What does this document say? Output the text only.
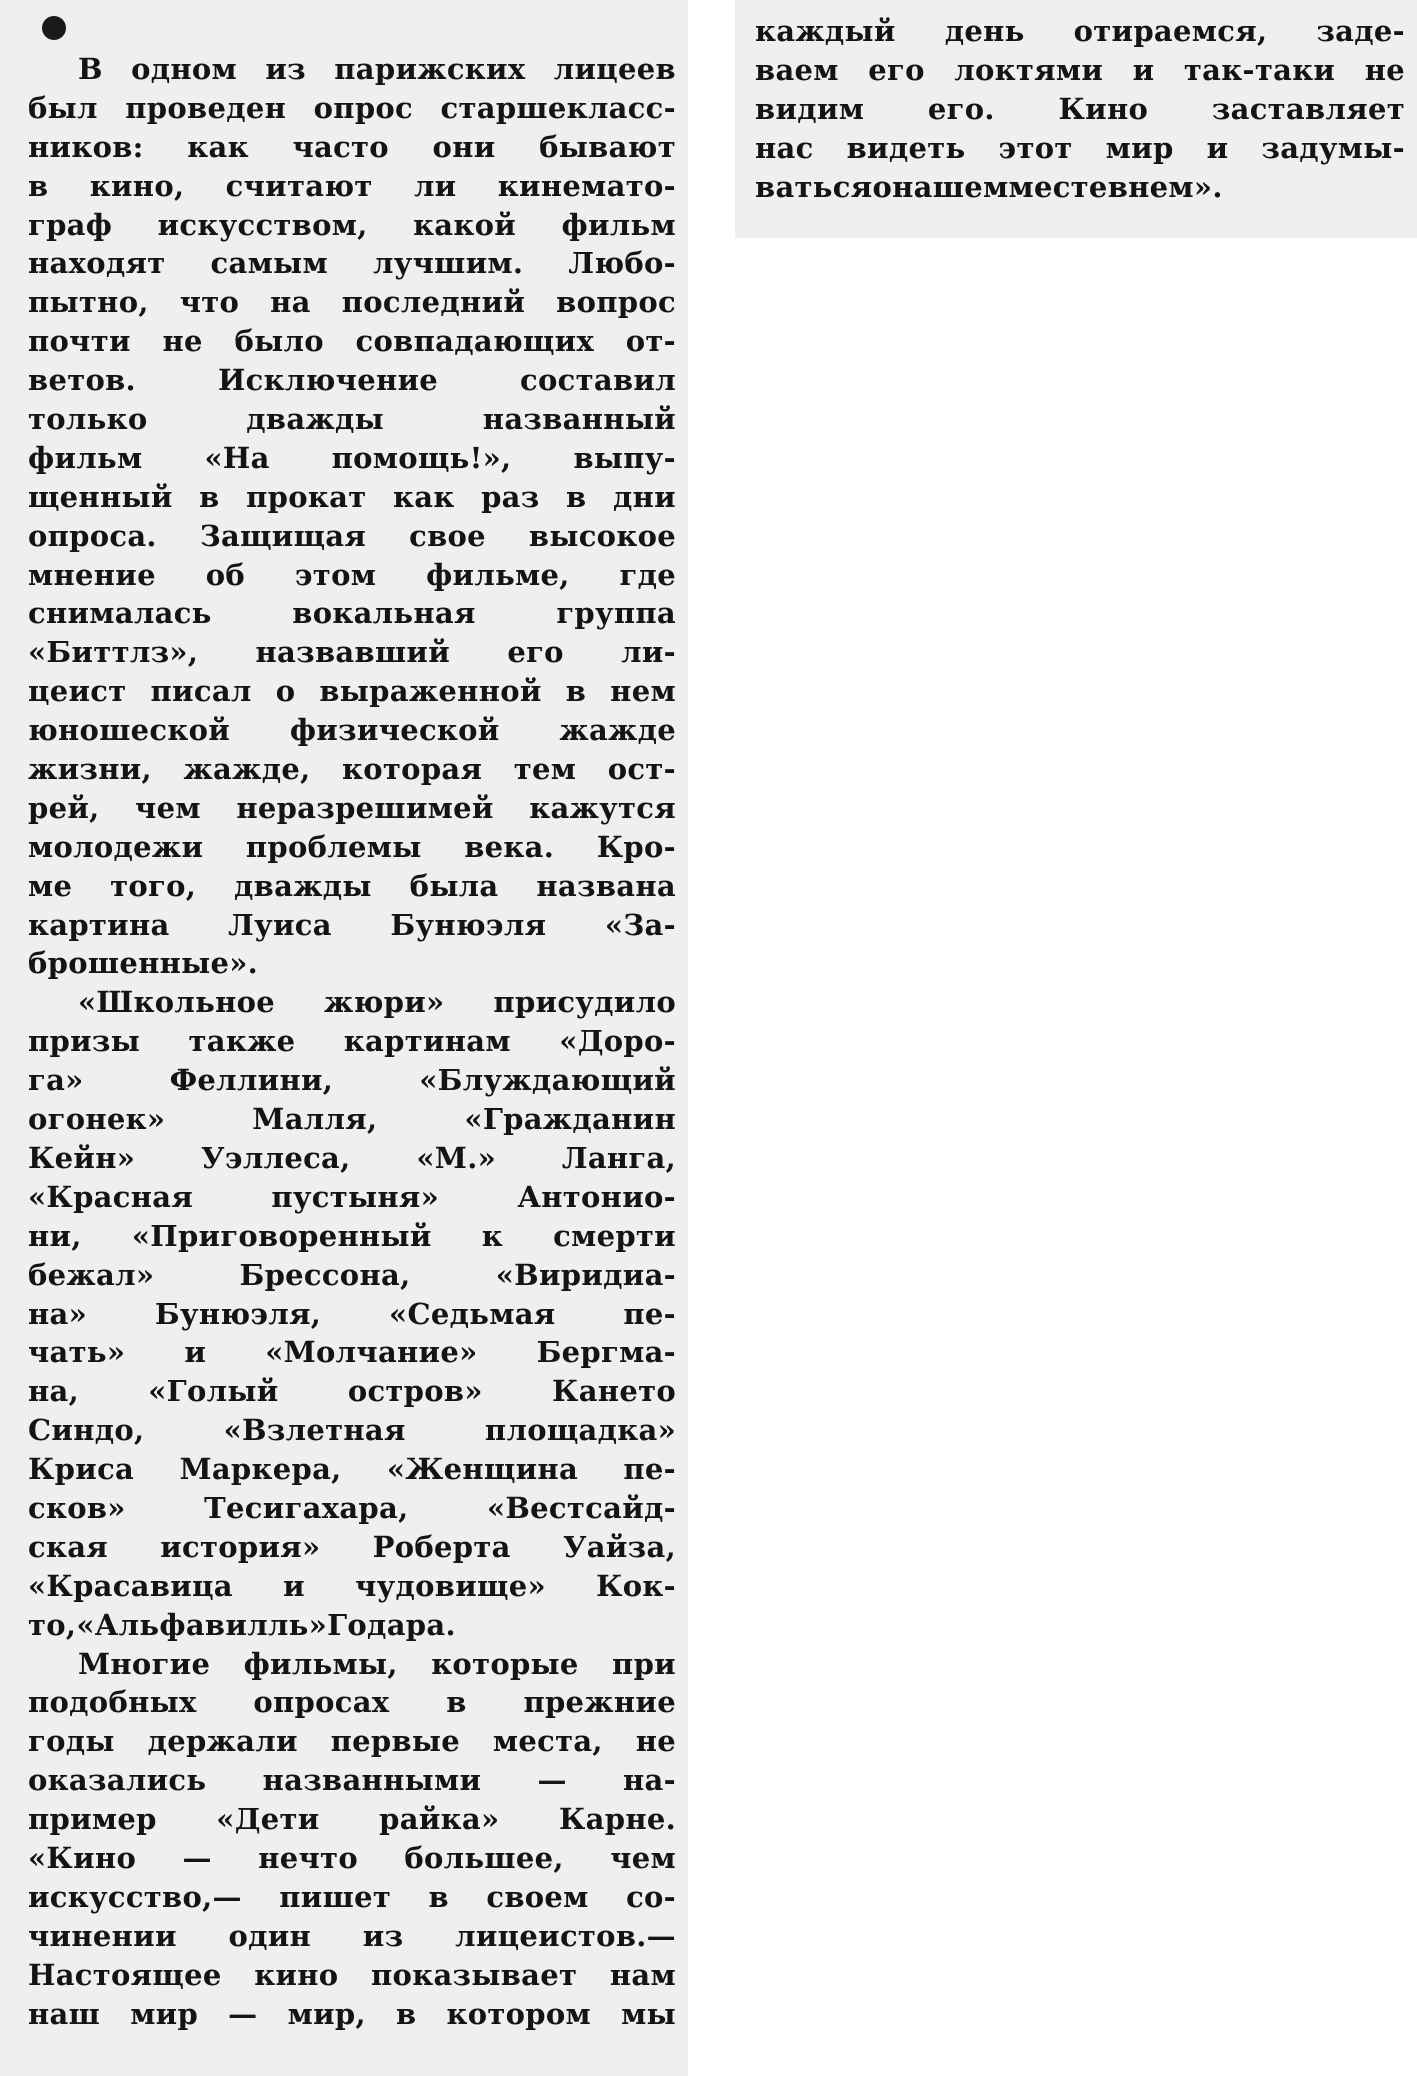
В одном из парижских лицеев
был проведен опрос старшекласс-
ников: как часто они бывают
в кино, считают ли кинемато-
граф искусством, какой фильм
находят самым лучшим. Любо-
пытно, что на последний вопрос
почти не было совпадающих от-
ветов.	Исключение	составил
только	дважды	названный
фильм «На помощь!», выпу-
щенный в прокат как раз в дни
опроса. Защищая свое высокое
мнение об этом фильме, где
снималась	вокальная	группа
«Биттлз», назвавший его ли-
цеист писал о выраженной в нем
юношеской физической жажде
жизни, жажде, которая тем ост-
рей, чем неразрешимей кажутся
молодежи проблемы века. Кро-
ме того, дважды была названа
картина Луиса Бунюэля «За-
брошенные».
«Школьное жюри» присудило
призы также картинам «Доро-
га»	Феллини,	«Блуждающий
огонек»	Малля,	«Гражданин
Кейн» Уэллеса, «М.» Ланга,
«Красная	пустыня»	Антонио-
ни, «Приговоренный к смерти
бежал»	Брессона,	«Виридиа-
на» Бунюэля, «Седьмая пе-
чать» и «Молчание» Бергма-
на, «Голый остров» Кането
Синдо,	«Взлетная	площадка»
Криса Маркера, «Женщина пе-
сков»	Тесигахара,	«Вестсайд-
ская история» Роберта Уайза,
«Красавица и чудовище» Кок-
то, «Альфавилль» Годара.
Многие фильмы, которые при
подобных опросах в прежние
годы держали первые места, не
оказались названными — на-
пример «Дети райка» Карне.
«Кино — нечто большее, чем
искусство,— пишет в своем со-
чинении один из лицеистов.—
Настоящее кино показывает нам
наш мир — мир, в котором мы
каждый день отираемся, заде-
ваем его локтями и так-таки не
видим его. Кино заставляет
нас видеть этот мир и задумы-
ваться о нашем месте в нем».
